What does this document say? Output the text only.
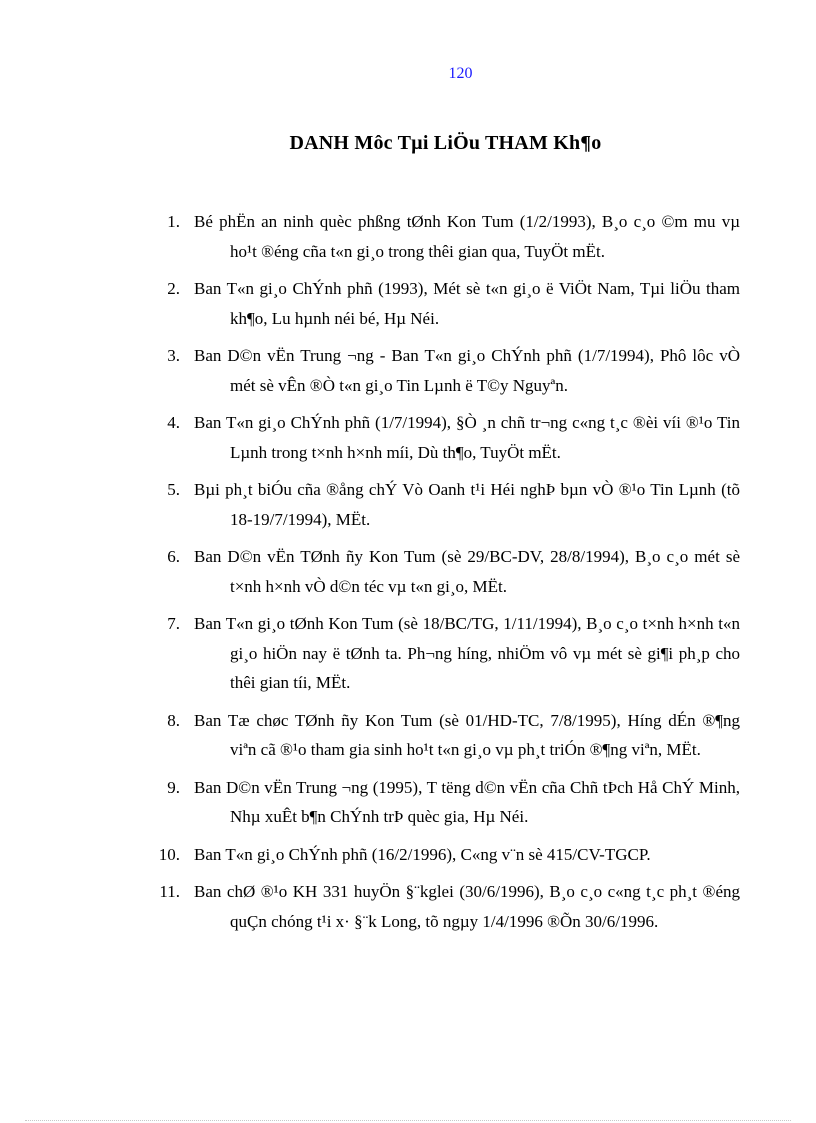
120
DANH Môc Tµi LiÖu THAM Kh¶o
1. Bé phËn an ninh quèc phßng tØnh Kon Tum (1/2/1993), B¸o c¸o ©m mu vµ ho¹t ®éng cña t«n gi¸o trong thêi gian qua, TuyÖt mËt.
2. Ban T«n gi¸o ChÝnh phñ (1993), Mét sè t«n gi¸o ë ViÖt Nam, Tµi liÖu tham kh¶o, Lu hµnh néi bé, Hµ Néi.
3. Ban D©n vËn Trung ¬ng - Ban T«n gi¸o ChÝnh phñ (1/7/1994), Phô lôc vÒ mét sè vÊn ®Ò t«n gi¸o Tin Lµnh ë T©y Nguyªn.
4. Ban T«n gi¸o ChÝnh phñ (1/7/1994), §Ò ¸n chñ tr¬ng c«ng t¸c ®èi víi ®¹o Tin Lµnh trong t×nh h×nh míi, Dù th¶o, TuyÖt mËt.
5. Bµi ph¸t biÓu cña ®ång chÝ Vò Oanh t¹i Héi nghÞ bµn vÒ ®¹o Tin Lµnh (tõ 18-19/7/1994), MËt.
6. Ban D©n vËn TØnh ñy Kon Tum (sè 29/BC-DV, 28/8/1994), B¸o c¸o mét sè t×nh h×nh vÒ d©n téc vµ t«n gi¸o, MËt.
7. Ban T«n gi¸o tØnh Kon Tum (sè 18/BC/TG, 1/11/1994), B¸o c¸o t×nh h×nh t«n gi¸o hiÖn nay ë tØnh ta. Ph¬ng híng, nhiÖm vô vµ mét sè gi¶i ph¸p cho thêi gian tíi, MËt.
8. Ban Tæ chøc TØnh ñy Kon Tum (sè 01/HD-TC, 7/8/1995), Híng dÉn ®¶ng viªn cã ®¹o tham gia sinh ho¹t t«n gi¸o vµ ph¸t triÓn ®¶ng viªn, MËt.
9. Ban D©n vËn Trung ¬ng (1995), T tëng d©n vËn cña Chñ tÞch Hå ChÝ Minh, Nhµ xuÊt b¶n ChÝnh trÞ quèc gia, Hµ Néi.
10. Ban T«n gi¸o ChÝnh phñ (16/2/1996), C«ng v¨n sè 415/CV-TGCP.
11. Ban chØ ®¹o KH 331 huyÖn §¨kglei (30/6/1996), B¸o c¸o c«ng t¸c ph¸t ®éng quÇn chóng t¹i x· §¨k Long, tõ ngµy 1/4/1996 ®Õn 30/6/1996.
